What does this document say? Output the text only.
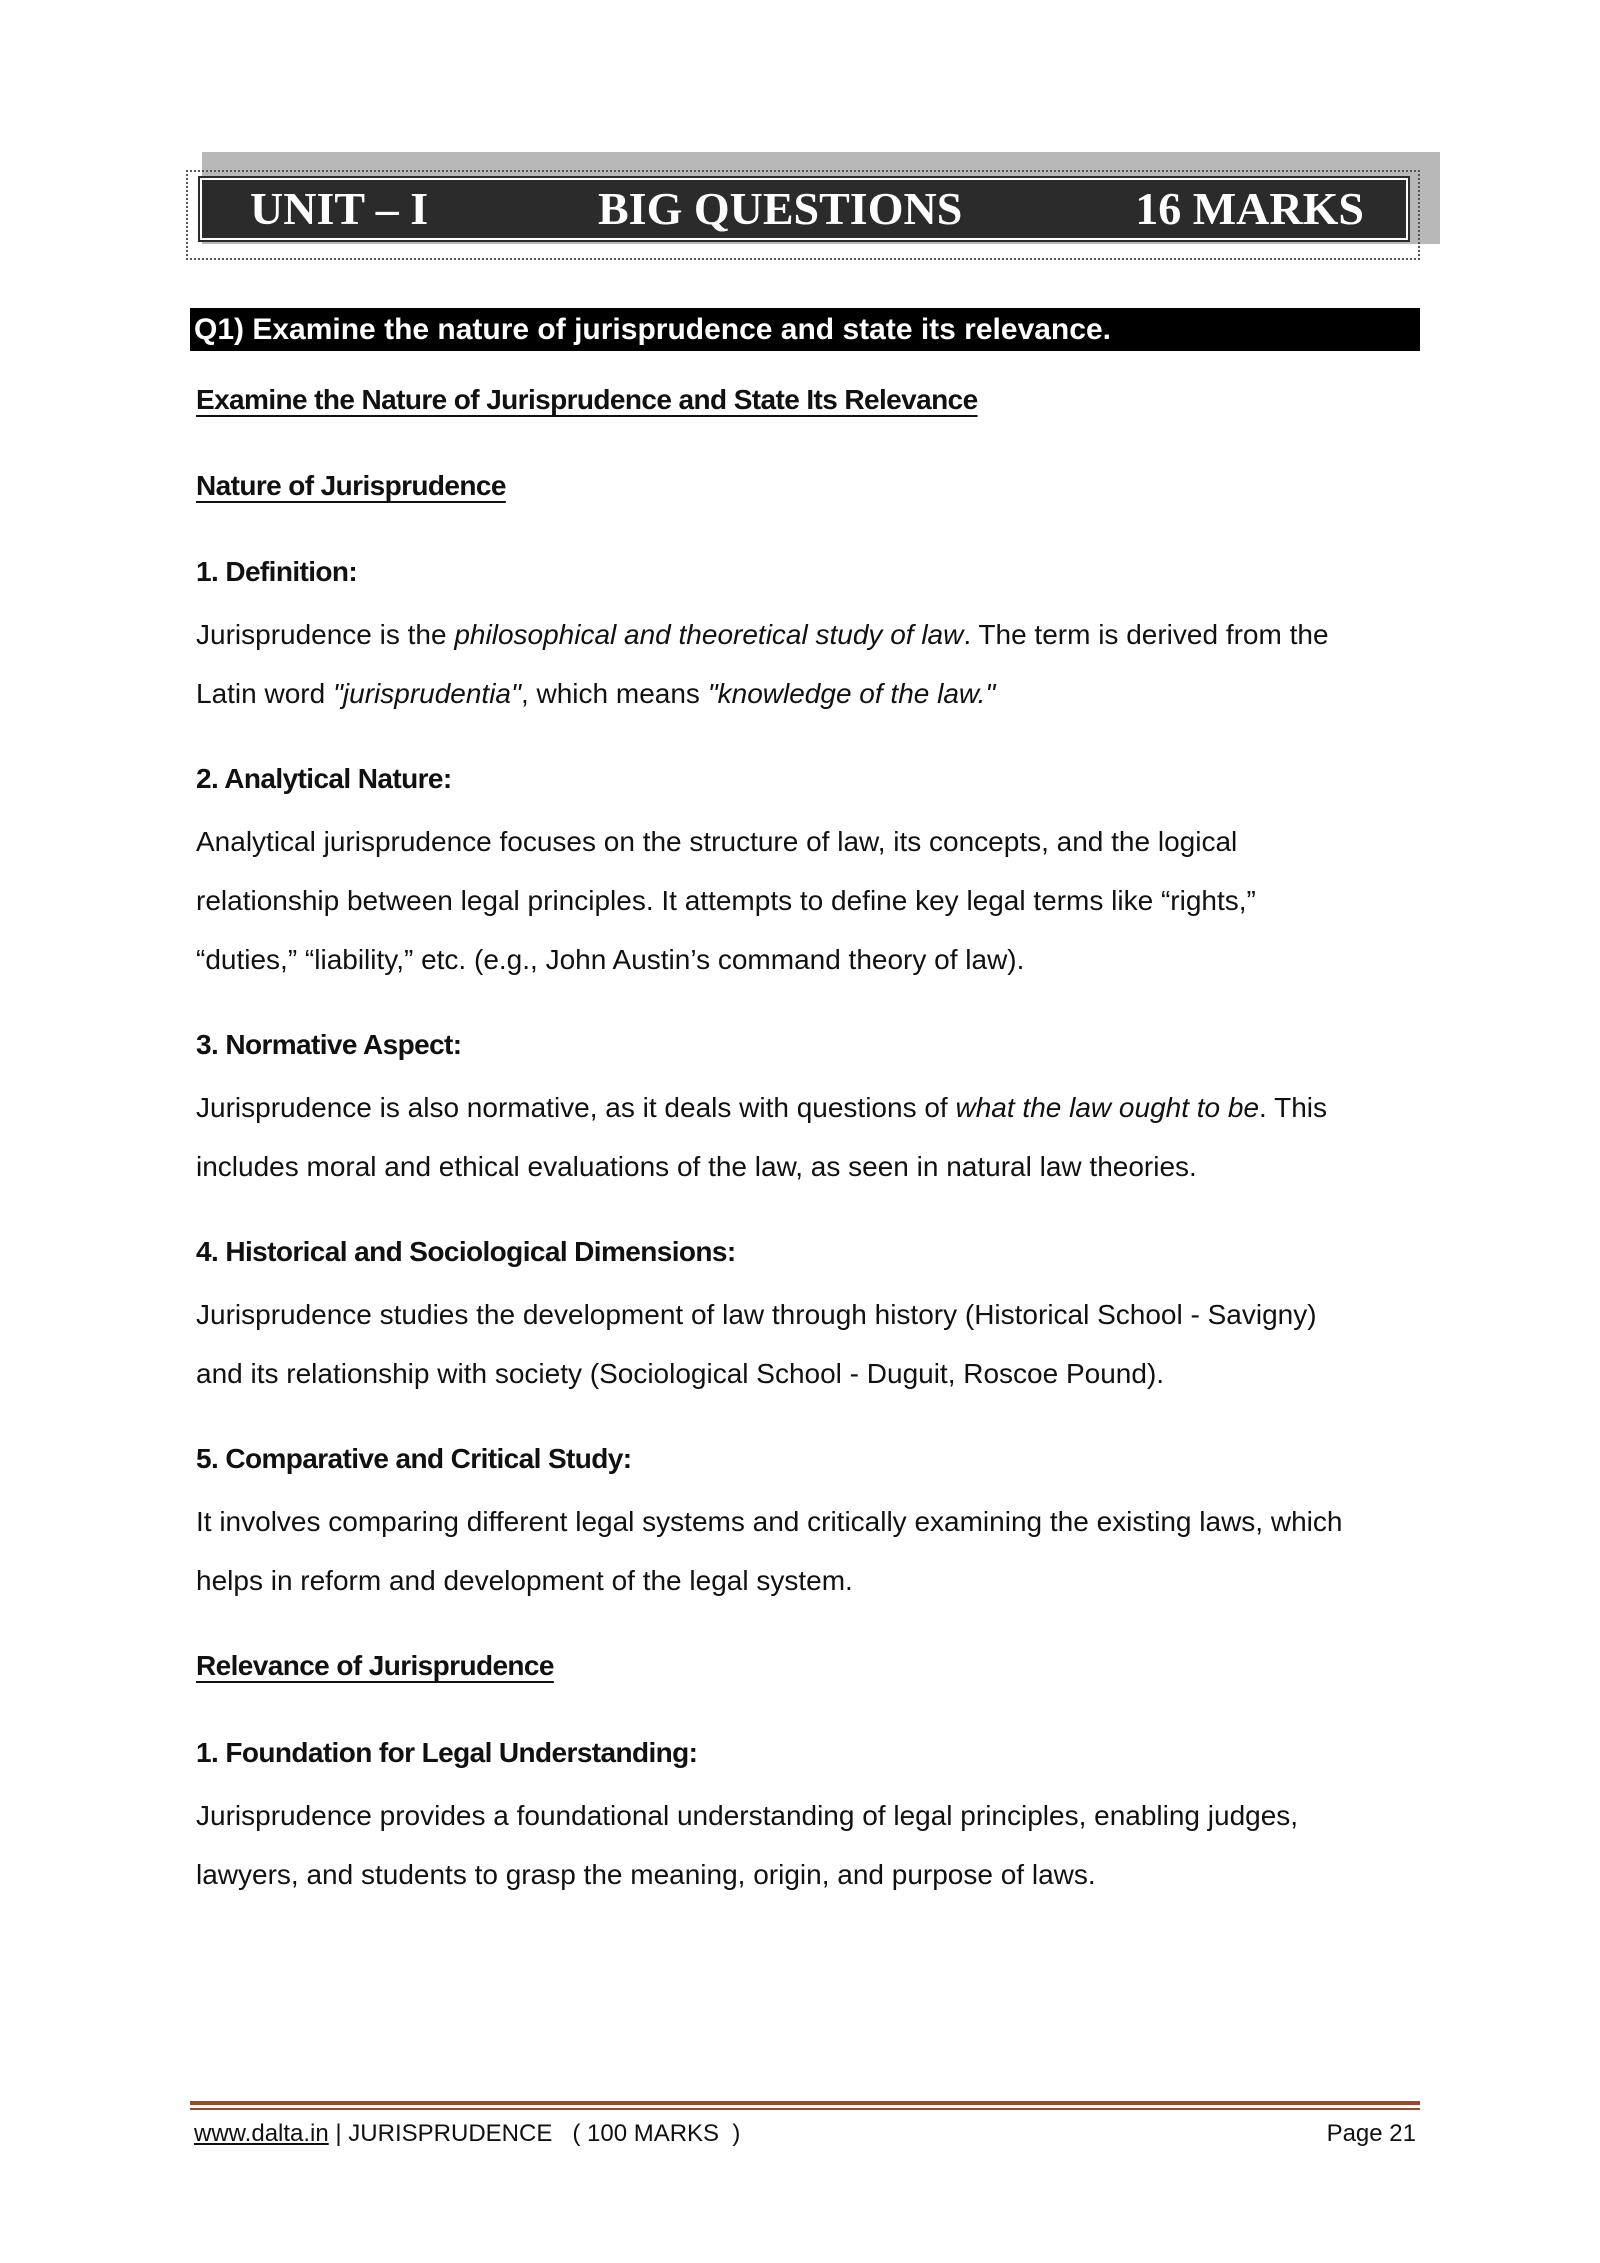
UNIT – I	BIG QUESTIONS	16 MARKS
Q1) Examine the nature of jurisprudence and state its relevance.
Examine the Nature of Jurisprudence and State Its Relevance
Nature of Jurisprudence
1. Definition:
Jurisprudence is the philosophical and theoretical study of law. The term is derived from the
Latin word "jurisprudentia", which means "knowledge of the law."
2. Analytical Nature:
Analytical jurisprudence focuses on the structure of law, its concepts, and the logical
relationship between legal principles. It attempts to define key legal terms like “rights,”
“duties,” “liability,” etc. (e.g., John Austin’s command theory of law).
3. Normative Aspect:
Jurisprudence is also normative, as it deals with questions of what the law ought to be. This
includes moral and ethical evaluations of the law, as seen in natural law theories.
4. Historical and Sociological Dimensions:
Jurisprudence studies the development of law through history (Historical School - Savigny)
and its relationship with society (Sociological School - Duguit, Roscoe Pound).
5. Comparative and Critical Study:
It involves comparing different legal systems and critically examining the existing laws, which
helps in reform and development of the legal system.
Relevance of Jurisprudence
1. Foundation for Legal Understanding:
Jurisprudence provides a foundational understanding of legal principles, enabling judges,
lawyers, and students to grasp the meaning, origin, and purpose of laws.
www.dalta.in | JURISPRUDENCE   ( 100 MARKS  )	Page 21
